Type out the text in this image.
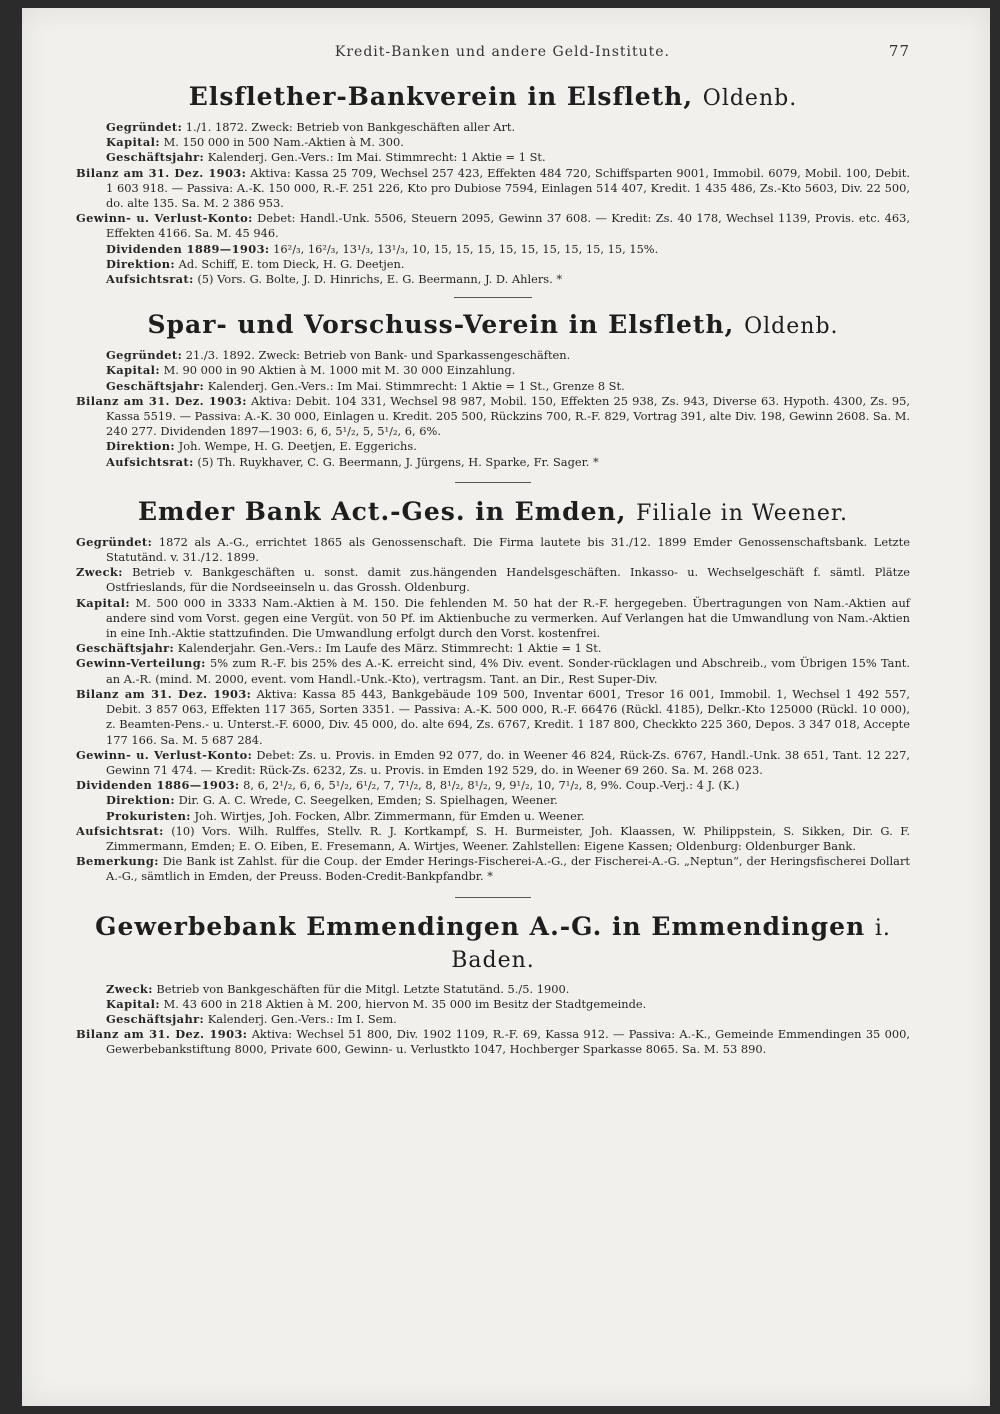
Kredit-Banken und andere Geld-Institute.	77
Elsflether-Bankverein in Elsfleth, Oldenb.

Gegründet: 1./1. 1872. Zweck: Betrieb von Bankgeschäften aller Art.

Kapital: M. 150 000 in 500 Nam.-Aktien à M. 300.

Geschäftsjahr: Kalenderj. Gen.-Vers.: Im Mai. Stimmrecht: 1 Aktie = 1 St.

Bilanz am 31. Dez. 1903: Aktiva: Kassa 25 709, Wechsel 257 423, Effekten 484 720, Schiffsparten 9001, Immobil. 6079, Mobil. 100, Debit. 1 603 918. — Passiva: A.-K. 150 000, R.-F. 251 226, Kto pro Dubiose 7594, Einlagen 514 407, Kredit. 1 435 486, Zs.-Kto 5603, Div. 22 500, do. alte 135. Sa. M. 2 386 953.

Gewinn- u. Verlust-Konto: Debet: Handl.-Unk. 5506, Steuern 2095, Gewinn 37 608. — Kredit: Zs. 40 178, Wechsel 1139, Provis. etc. 463, Effekten 4166. Sa. M. 45 946.

Dividenden 1889—1903: 16²/₃, 16²/₃, 13¹/₃, 13¹/₃, 10, 15, 15, 15, 15, 15, 15, 15, 15, 15, 15%.

Direktion: Ad. Schiff, E. tom Dieck, H. G. Deetjen.

Aufsichtsrat: (5) Vors. G. Bolte, J. D. Hinrichs, E. G. Beermann, J. D. Ahlers. *

Spar- und Vorschuss-Verein in Elsfleth, Oldenb.

Gegründet: 21./3. 1892. Zweck: Betrieb von Bank- und Sparkassengeschäften.

Kapital: M. 90 000 in 90 Aktien à M. 1000 mit M. 30 000 Einzahlung.

Geschäftsjahr: Kalenderj. Gen.-Vers.: Im Mai. Stimmrecht: 1 Aktie = 1 St., Grenze 8 St.

Bilanz am 31. Dez. 1903: Aktiva: Debit. 104 331, Wechsel 98 987, Mobil. 150, Effekten 25 938, Zs. 943, Diverse 63. Hypoth. 4300, Zs. 95, Kassa 5519. — Passiva: A.-K. 30 000, Einlagen u. Kredit. 205 500, Rückzins 700, R.-F. 829, Vortrag 391, alte Div. 198, Gewinn 2608. Sa. M. 240 277. Dividenden 1897—1903: 6, 6, 5¹/₂, 5, 5¹/₂, 6, 6%.

Direktion: Joh. Wempe, H. G. Deetjen, E. Eggerichs.

Aufsichtsrat: (5) Th. Ruykhaver, C. G. Beermann, J. Jürgens, H. Sparke, Fr. Sager. *

Emder Bank Act.-Ges. in Emden, Filiale in Weener.

Gegründet: 1872 als A.-G., errichtet 1865 als Genossenschaft. Die Firma lautete bis 31./12. 1899 Emder Genossenschaftsbank. Letzte Statutänd. v. 31./12. 1899.

Zweck: Betrieb v. Bankgeschäften u. sonst. damit zus.hängenden Handelsgeschäften. Inkasso- u. Wechselgeschäft f. sämtl. Plätze Ostfrieslands, für die Nordseeinseln u. das Grossh. Oldenburg.

Kapital: M. 500 000 in 3333 Nam.-Aktien à M. 150. Die fehlenden M. 50 hat der R.-F. hergegeben. Übertragungen von Nam.-Aktien auf andere sind vom Vorst. gegen eine Vergüt. von 50 Pf. im Aktienbuche zu vermerken. Auf Verlangen hat die Umwandlung von Nam.-Aktien in eine Inh.-Aktie stattzufinden. Die Umwandlung erfolgt durch den Vorst. kostenfrei.

Geschäftsjahr: Kalenderjahr. Gen.-Vers.: Im Laufe des März. Stimmrecht: 1 Aktie = 1 St.

Gewinn-Verteilung: 5% zum R.-F. bis 25% des A.-K. erreicht sind, 4% Div. event. Sonder-rücklagen und Abschreib., vom Übrigen 15% Tant. an A.-R. (mind. M. 2000, event. vom Handl.-Unk.-Kto), vertragsm. Tant. an Dir., Rest Super-Div.

Bilanz am 31. Dez. 1903: Aktiva: Kassa 85 443, Bankgebäude 109 500, Inventar 6001, Tresor 16 001, Immobil. 1, Wechsel 1 492 557, Debit. 3 857 063, Effekten 117 365, Sorten 3351. — Passiva: A.-K. 500 000, R.-F. 66476 (Rückl. 4185), Delkr.-Kto 125000 (Rückl. 10 000), z. Beamten-Pens.- u. Unterst.-F. 6000, Div. 45 000, do. alte 694, Zs. 6767, Kredit. 1 187 800, Checkkto 225 360, Depos. 3 347 018, Accepte 177 166. Sa. M. 5 687 284.

Gewinn- u. Verlust-Konto: Debet: Zs. u. Provis. in Emden 92 077, do. in Weener 46 824, Rück-Zs. 6767, Handl.-Unk. 38 651, Tant. 12 227, Gewinn 71 474. — Kredit: Rück-Zs. 6232, Zs. u. Provis. in Emden 192 529, do. in Weener 69 260. Sa. M. 268 023.

Dividenden 1886—1903: 8, 6, 2¹/₂, 6, 6, 5¹/₂, 6¹/₂, 7, 7¹/₂, 8, 8¹/₂, 8¹/₂, 9, 9¹/₂, 10, 7¹/₂, 8, 9%. Coup.-Verj.: 4 J. (K.)

Direktion: Dir. G. A. C. Wrede, C. Seegelken, Emden; S. Spielhagen, Weener.

Prokuristen: Joh. Wirtjes, Joh. Focken, Albr. Zimmermann, für Emden u. Weener.

Aufsichtsrat: (10) Vors. Wilh. Rulffes, Stellv. R. J. Kortkampf, S. H. Burmeister, Joh. Klaassen, W. Philippstein, S. Sikken, Dir. G. F. Zimmermann, Emden; E. O. Eiben, E. Fresemann, A. Wirtjes, Weener. Zahlstellen: Eigene Kassen; Oldenburg: Oldenburger Bank.

Bemerkung: Die Bank ist Zahlst. für die Coup. der Emder Herings-Fischerei-A.-G., der Fischerei-A.-G. „Neptun“, der Heringsfischerei Dollart A.-G., sämtlich in Emden, der Preuss. Boden-Credit-Bankpfandbr. *

Gewerbebank Emmendingen A.-G. in Emmendingen i. Baden.

Zweck: Betrieb von Bankgeschäften für die Mitgl. Letzte Statutänd. 5./5. 1900.

Kapital: M. 43 600 in 218 Aktien à M. 200, hiervon M. 35 000 im Besitz der Stadtgemeinde.

Geschäftsjahr: Kalenderj. Gen.-Vers.: Im I. Sem.

Bilanz am 31. Dez. 1903: Aktiva: Wechsel 51 800, Div. 1902 1109, R.-F. 69, Kassa 912. — Passiva: A.-K., Gemeinde Emmendingen 35 000, Gewerbebankstiftung 8000, Private 600, Gewinn- u. Verlustkto 1047, Hochberger Sparkasse 8065. Sa. M. 53 890.
